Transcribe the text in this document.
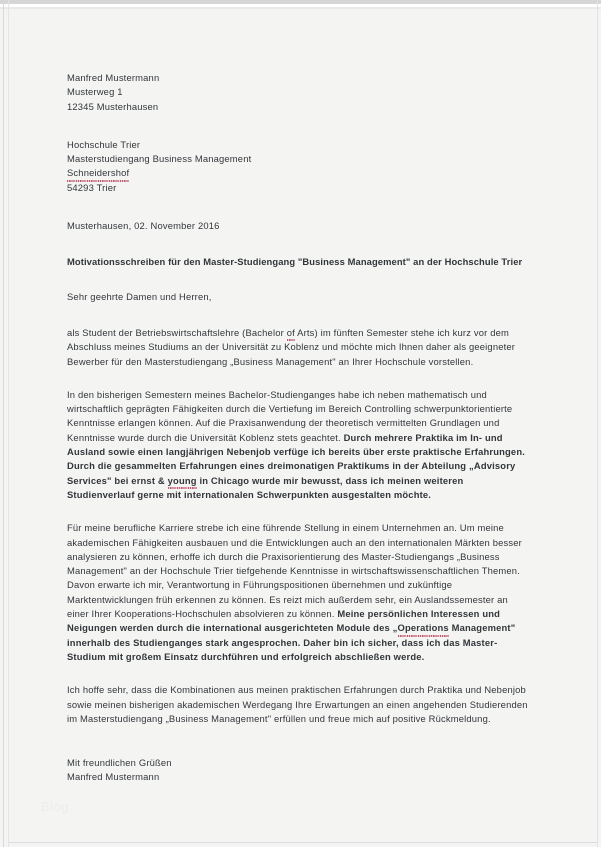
Manfred Mustermann
Musterweg 1
12345 Musterhausen
Hochschule Trier
Masterstudiengang Business Management
Schneidershof
54293 Trier
Musterhausen, 02. November 2016
Motivationsschreiben für den Master-Studiengang "Business Management" an der Hochschule Trier
Sehr geehrte Damen und Herren,

als Student der Betriebswirtschaftslehre (Bachelor of Arts) im fünften Semester stehe ich kurz vor dem Abschluss meines Studiums an der Universität zu Koblenz und möchte mich Ihnen daher als geeigneter Bewerber für den Masterstudiengang „Business Management" an Ihrer Hochschule vorstellen.

In den bisherigen Semestern meines Bachelor-Studienganges habe ich neben mathematisch und wirtschaftlich geprägten Fähigkeiten durch die Vertiefung im Bereich Controlling schwerpunktorientierte Kenntnisse erlangen können. Auf die Praxisanwendung der theoretisch vermittelten Grundlagen und Kenntnisse wurde durch die Universität Koblenz stets geachtet. Durch mehrere Praktika im In- und Ausland sowie einen langjährigen Nebenjob verfüge ich bereits über erste praktische Erfahrungen. Durch die gesammelten Erfahrungen eines dreimonatigen Praktikums in der Abteilung „Advisory Services" bei ernst & young in Chicago wurde mir bewusst, dass ich meinen weiteren Studienverlauf gerne mit internationalen Schwerpunkten ausgestalten möchte.

Für meine berufliche Karriere strebe ich eine führende Stellung in einem Unternehmen an. Um meine akademischen Fähigkeiten ausbauen und die Entwicklungen auch an den internationalen Märkten besser analysieren zu können, erhoffe ich durch die Praxisorientierung des Master-Studiengangs „Business Management" an der Hochschule Trier tiefgehende Kenntnisse in wirtschaftswissenschaftlichen Themen. Davon erwarte ich mir, Verantwortung in Führungspositionen übernehmen und zukünftige Marktentwicklungen früh erkennen zu können. Es reizt mich außerdem sehr, ein Auslandssemester an einer Ihrer Kooperations-Hochschulen absolvieren zu können. Meine persönlichen Interessen und Neigungen werden durch die international ausgerichteten Module des „Operations Management" innerhalb des Studienganges stark angesprochen. Daher bin ich sicher, dass ich das Master-Studium mit großem Einsatz durchführen und erfolgreich abschließen werde.

Ich hoffe sehr, dass die Kombinationen aus meinen praktischen Erfahrungen durch Praktika und Nebenjob sowie meinen bisherigen akademischen Werdegang Ihre Erwartungen an einen angehenden Studierenden im Masterstudiengang „Business Management" erfüllen und freue mich auf positive Rückmeldung.

Mit freundlichen Grüßen
Manfred Mustermann
Blog
